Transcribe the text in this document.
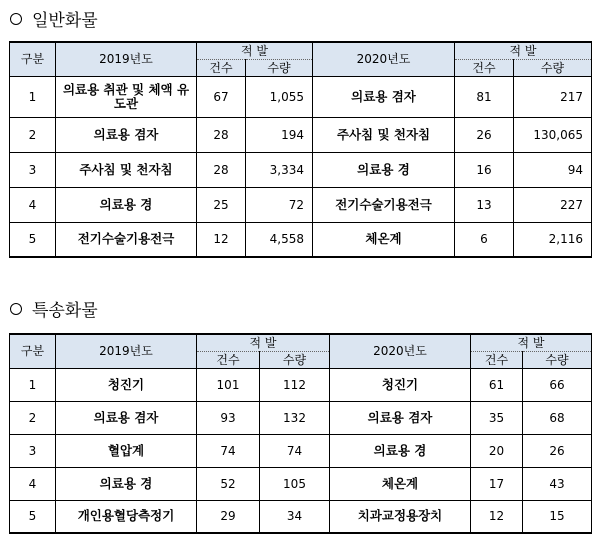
일반화물
구분	2019년도	적 발		2020년도	적 발	
		건수	수량		건수	수량
1	의료용 취관 및 체액 유도관	67	1,055	의료용 겸자	81	217
2	의료용 겸자	28	194	주사침 및 천자침	26	130,065
3	주사침 및 천자침	28	3,334	의료용 경	16	94
4	의료용 경	25	72	전기수술기용전극	13	227
5	전기수술기용전극	12	4,558	체온계	6	2,116
특송화물
구분	2019년도	적 발		2020년도	적 발	
		건수	수량		건수	수량
1	청진기	101	112	청진기	61	66
2	의료용 겸자	93	132	의료용 겸자	35	68
3	혈압계	74	74	의료용 경	20	26
4	의료용 경	52	105	체온계	17	43
5	개인용혈당측정기	29	34	치과교정용장치	12	15
